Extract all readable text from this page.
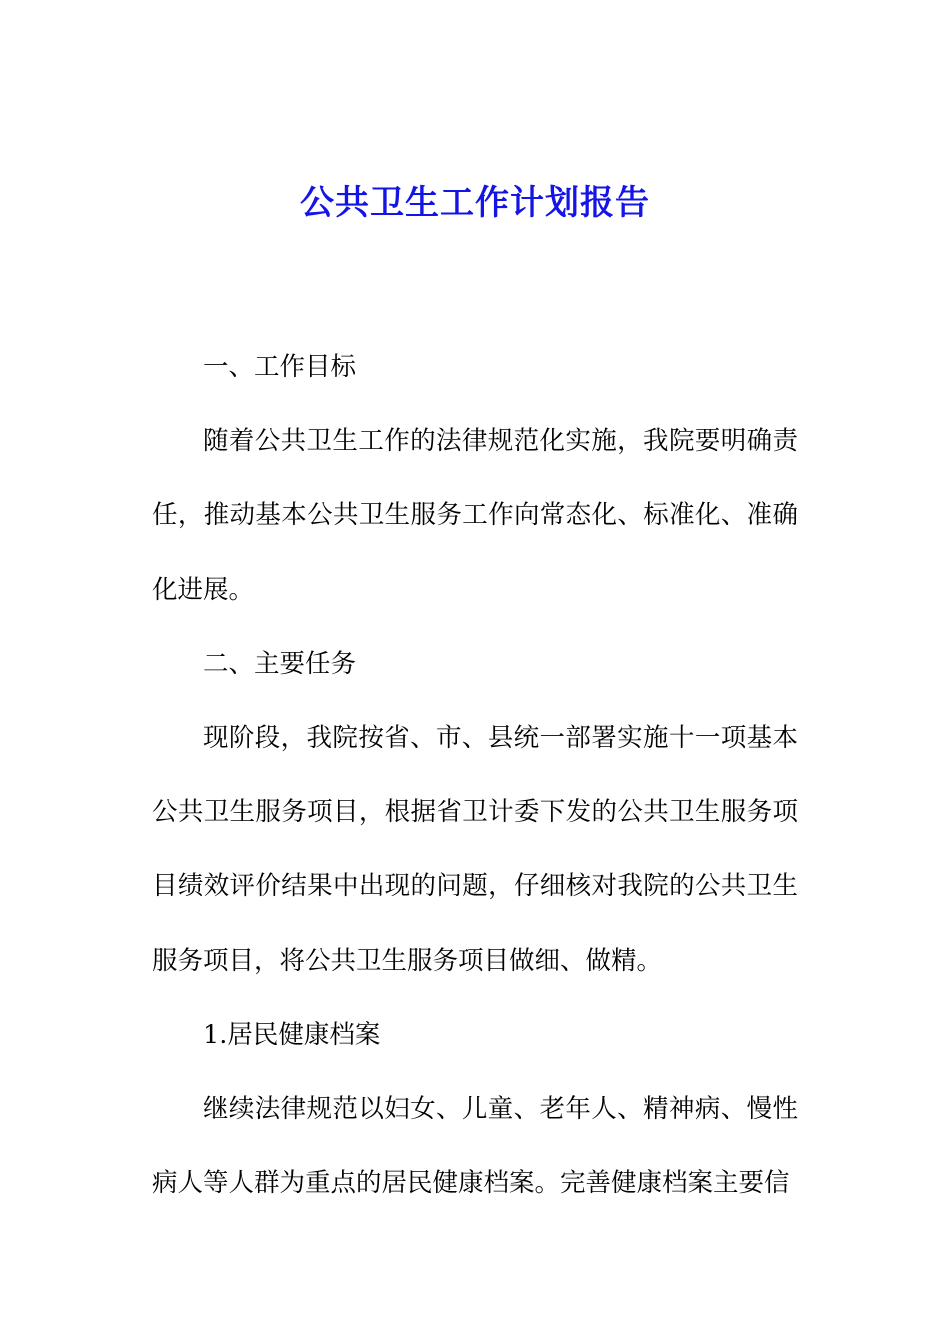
公共卫生工作计划报告

一、工作目标

随着公共卫生工作的法律规范化实施，我院要明确责任，推动基本公共卫生服务工作向常态化、标准化、准确化进展。

二、主要任务

现阶段，我院按省、市、县统一部署实施十一项基本公共卫生服务项目，根据省卫计委下发的公共卫生服务项目绩效评价结果中出现的问题，仔细核对我院的公共卫生服务项目，将公共卫生服务项目做细、做精。

1.居民健康档案

继续法律规范以妇女、儿童、老年人、精神病、慢性病人等人群为重点的居民健康档案。完善健康档案主要信
